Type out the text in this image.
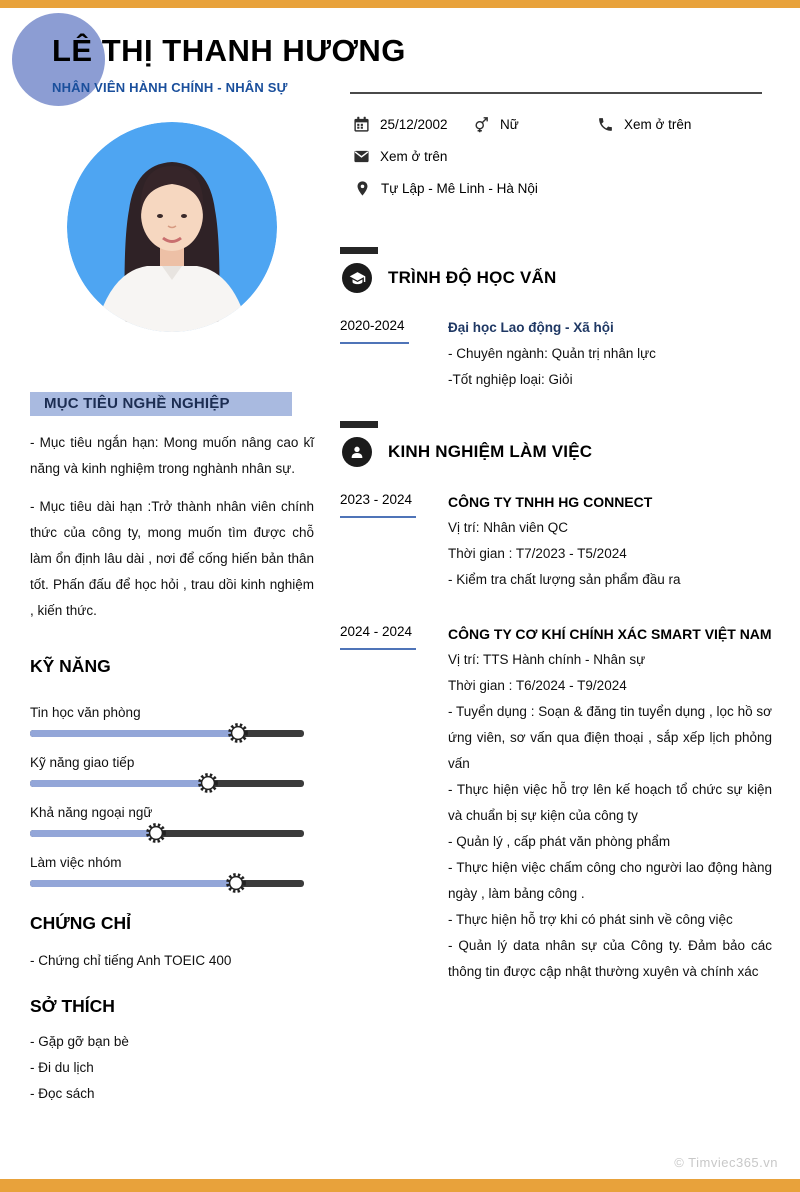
LÊ THỊ THANH HƯƠNG
NHÂN VIÊN HÀNH CHÍNH - NHÂN SỰ
25/12/2002	Nữ	Xem ở trên
Xem ở trên
Tự Lập - Mê Linh - Hà Nội
MỤC TIÊU NGHỀ NGHIỆP

- Mục tiêu ngắn hạn: Mong muốn nâng cao kĩ năng và kinh nghiệm trong nghành nhân sự.

- Mục tiêu dài hạn :Trở thành nhân viên chính thức của công ty, mong muốn tìm được chỗ làm ổn định lâu dài , nơi để cống hiến bản thân tốt. Phấn đấu để học hỏi , trau dồi kinh nghiệm , kiến thức.

KỸ NĂNG
Tin học văn phòng
Kỹ năng giao tiếp
Khả năng ngoại ngữ
Làm việc nhóm
CHỨNG CHỈ

- Chứng chỉ tiếng Anh TOEIC 400

SỞ THÍCH

- Gặp gỡ bạn bè

- Đi du lịch

- Đọc sách

TRÌNH ĐỘ HỌC VẤN
2020-2024	Đại học Lao động - Xã hội

- Chuyên ngành: Quản trị nhân lực

-Tốt nghiệp loại: Giỏi

KINH NGHIỆM LÀM VIỆC
2023 - 2024	CÔNG TY TNHH HG CONNECT

Vị trí: Nhân viên QC

Thời gian : T7/2023 - T5/2024

- Kiểm tra chất lượng sản phẩm đầu ra

2024 - 2024	CÔNG TY CƠ KHÍ CHÍNH XÁC SMART VIỆT NAM

Vị trí: TTS Hành chính - Nhân sự

Thời gian : T6/2024 - T9/2024

- Tuyển dụng : Soạn & đăng tin tuyển dụng , lọc hồ sơ ứng viên, sơ vấn qua điện thoại , sắp xếp lịch phỏng vấn

- Thực hiện việc hỗ trợ lên kế hoạch tổ chức sự kiện và chuẩn bị sự kiện của công ty

- Quản lý , cấp phát văn phòng phẩm

- Thực hiện việc chấm công cho người lao động hàng ngày , làm bảng công .

- Thực hiện hỗ trợ khi có phát sinh về công việc

- Quản lý data nhân sự của Công ty. Đảm bảo các thông tin được cập nhật thường xuyên và chính xác

© Timviec365.vn
